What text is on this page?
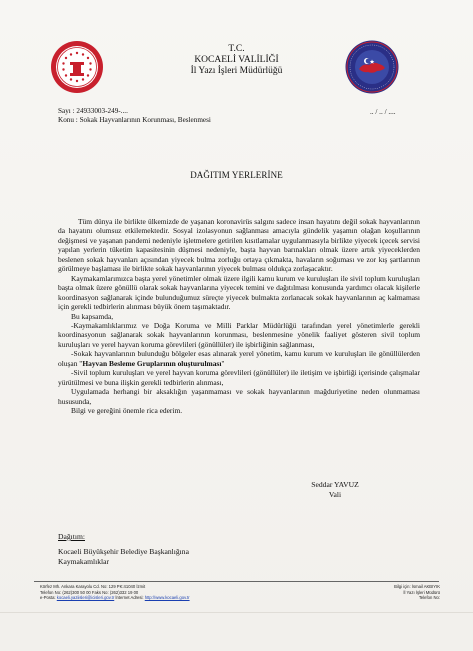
T.C.
KOCAELİ VALİLİĞİ
İl Yazı İşleri Müdürlüğü
Sayı : 24933003-249-....
Konu : Sokak Hayvanlarının Korunması, Beslenmesi
.. / .. / ....
DAĞITIM YERLERİNE

Tüm dünya ile birlikte ülkemizde de yaşanan koronavirüs salgını sadece insan hayatını değil sokak hayvanlarının da hayatını olumsuz etkilemektedir. Sosyal izolasyonun sağlanması amacıyla gündelik yaşamın olağan koşullarının değişmesi ve yaşanan pandemi nedeniyle işletmelere getirilen kısıtlamalar uygulanmasıyla birlikte yiyecek içecek servisi yapılan yerlerin tüketim kapasitesinin düşmesi nedeniyle, başta hayvan barınakları olmak üzere artık yiyeceklerden beslenen sokak hayvanları açısından yiyecek bulma zorluğu ortaya çıkmakta, havaların soğuması ve zor kış şartlarının görülmeye başlaması ile birlikte sokak hayvanlarının yiyecek bulması oldukça zorlaşacaktır.

Kaymakamlarımızca başta yerel yönetimler olmak üzere ilgili kamu kurum ve kuruluşları ile sivil toplum kuruluşları başta olmak üzere gönüllü olarak sokak hayvanlarına yiyecek temini ve dağıtılması konusunda yardımcı olacak kişilerle koordinasyon sağlanarak içinde bulunduğumuz süreçte yiyecek bulmakta zorlanacak sokak hayvanlarının aç kalmaması için gerekli tedbirlerin alınması büyük önem taşımaktadır.

Bu kapsamda,

-Kaymakamlıklarımız ve Doğa Koruma ve Milli Parklar Müdürlüğü tarafından yerel yönetimlerle gerekli koordinasyonun sağlanarak sokak hayvanlarının korunması, beslenmesine yönelik faaliyet gösteren sivil toplum kuruluşları ve yerel hayvan koruma görevlileri (gönüllüler) ile işbirliğinin sağlanması,

-Sokak hayvanlarının bulunduğu bölgeler esas alınarak yerel yönetim, kamu kurum ve kuruluşları ile gönüllülerden oluşan "Hayvan Besleme Gruplarının oluşturulması"

-Sivil toplum kuruluşları ve yerel hayvan koruma görevlileri (gönüllüler) ile iletişim ve işbirliği içerisinde çalışmalar yürütülmesi ve buna ilişkin gerekli tedbirlerin alınması,

Uygulamada herhangi bir aksaklığın yaşanmaması ve sokak hayvanlarının mağduriyetine neden olunmaması hususunda,

Bilgi ve gereğini önemle rica ederim.

Seddar YAVUZ
Vali
Dağıtım:
Kocaeli Büyükşehir Belediye Başkanlığına
Kaymakamlıklar
Körfez Mh. Ankara Karayolu Cd. No: 129 PK:41040 İzmit
Telefon No: (262)300 50 00 Faks No: (262)332 19 00
e-Posta: kocaeli.yaziisleri@icisleri.gov.tr İnternet Adresi: http://www.kocaeli.gov.tr
Bilgi için: İsmail AKBIYIK
İl Yazı İşleri Müdürü
Telefon No:
